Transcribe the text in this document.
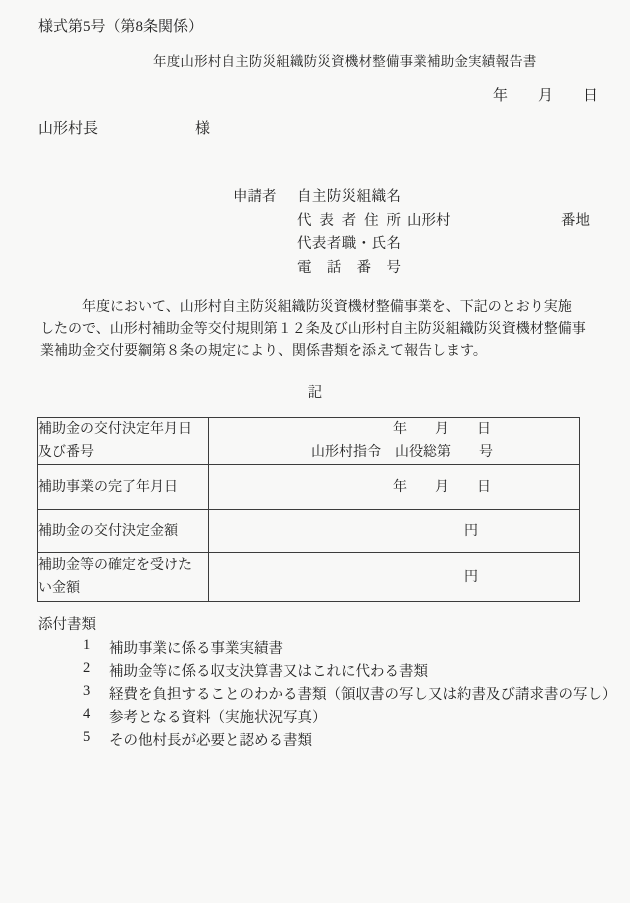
様式第5号（第8条関係）
年度山形村自主防災組織防災資機材整備事業補助金実績報告書
年　　月　　日
山形村長	様
申請者 自主防災組織名
代表者住所 山形村	番地
代表者職・氏名
電話番号
　　　年度において、山形村自主防災組織防災資機材整備事業を、下記のとおり実施
したので、山形村補助金等交付規則第１２条及び山形村自主防災組織防災資機材整備事
業補助金交付要綱第８条の規定により、関係書類を添えて報告します。
記
補助金の交付決定年月日
及び番号	年　　月　　日
山形村指令　山役総第　　号

補助事業の完了年月日	年　　月　　日

補助金の交付決定金額	円

補助金等の確定を受けた
い金額	円
添付書類
1	補助事業に係る事業実績書
2	補助金等に係る収支決算書又はこれに代わる書類
3	経費を負担することのわかる書類（領収書の写し又は約書及び請求書の写し）
4	参考となる資料（実施状況写真）
5	その他村長が必要と認める書類
